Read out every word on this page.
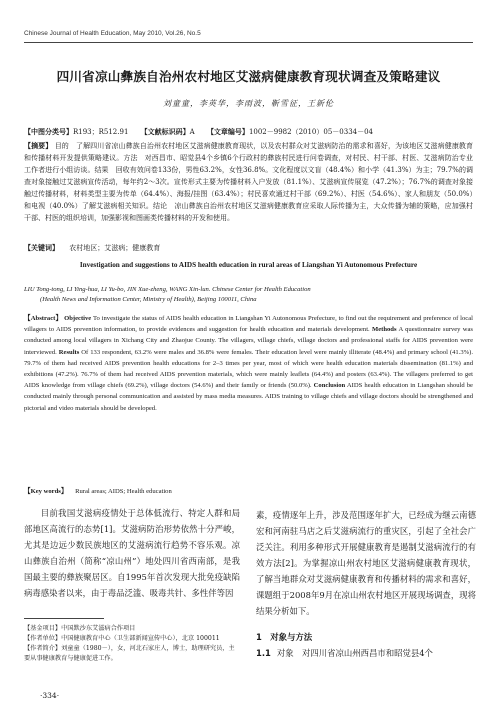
Chinese Journal of Health Education, May 2010, Vol.26, No.5
四川省凉山彝族自治州农村地区艾滋病健康教育现状调查及策略建议
刘童童，李英华，李雨波，靳雪征，王新伦
【中图分类号】R193；R512.91 【文献标识码】A 【文章编号】1002－9982（2010）05－0334－04
【摘要】 目的　了解四川省凉山彝族自治州农村地区艾滋病健康教育现状，以及农村群众对艾滋病防治的需求和喜好，为该地区艾滋病健康教育和传播材料开发提供策略建议。方法　对西昌市、昭觉县4个乡镇6个行政村的彝族村民进行问卷调查，对村民、村干部、村医、艾滋病防治专业工作者进行小组访谈。结果　回收有效问卷133份，男性63.2%，女性36.8%。文化程度以文盲（48.4%）和小学（41.3%）为主；79.7%的调查对象接触过艾滋病宣传活动，每年约2～3次。宣传形式主要为传播材料入户发放（81.1%）、艾滋病宣传展览（47.2%）；76.7%的调查对象接触过传播材料，材料类型主要为传单（64.4%）、海报/挂图（63.4%）；村民喜欢通过村干部（69.2%）、村医（54.6%）、家人和朋友（50.0%）和电视（40.0%）了解艾滋病相关知识。结论　凉山彝族自治州农村地区艾滋病健康教育应采取人际传播为主，大众传播为辅的策略，应加强村干部、村医的组织培训，加强影视和图画类传播材料的开发和使用。
【关键词】 农村地区；艾滋病；健康教育
Investigation and suggestions to AIDS health education in rural areas of Liangshan Yi Autonomous Prefecture
LIU Tong-tong, LI Ying-hua, LI Yu-bo, JIN Xue-zheng, WANG Xin-lun. Chinese Center for Health Education
(Health News and Information Center, Ministry of Health), Beijing 100011, China
【Abstract】 Objective To investigate the status of AIDS health education in Liangshan Yi Autonomous Prefecture, to find out the requirement and preference of local villagers to AIDS prevention information, to provide evidences and suggestion for health education and materials development. Methods A questionnaire survey was conducted among local villagers in Xichang City and Zhaojue County. The villagers, village chiefs, village doctors and professional staffs for AIDS prevention were interviewed. Results Of 133 respondent, 63.2% were males and 36.8% were females. Their education level were mainly illiterate (48.4%) and primary school (41.3%). 79.7% of them had received AIDS prevention health educations for 2–3 times per year, most of which were health education materials dissemination (81.1%) and exhibitions (47.2%). 76.7% of them had received AIDS prevention materials, which were mainly leaflets (64.4%) and posters (63.4%). The villagers preferred to get AIDS knowledge from village chiefs (69.2%), village doctors (54.6%) and their family or friends (50.0%). Conclusion AIDS health education in Liangshan should be conducted mainly through personal communication and assisted by mass media measures. AIDS training to village chiefs and village doctors should be strengthened and pictorial and video materials should be developed.
【Key words】 Rural areas; AIDS; Health education
目前我国艾滋病疫情处于总体低流行、特定人群和局部地区高流行的态势[1]。艾滋病防治形势依然十分严峻，尤其是边远少数民族地区的艾滋病流行趋势不容乐观。凉山彝族自治州（简称“凉山州”）地处四川省西南部，是我国最主要的彝族聚居区。自1995年首次发现大批免疫缺陷病毒感染者以来，由于毒品泛滥、吸毒共针、多性伴等因
素，疫情逐年上升，涉及范围逐年扩大，已经成为继云南德宏和河南驻马店之后艾滋病流行的重灾区，引起了全社会广泛关注。利用多种形式开展健康教育是遏制艾滋病流行的有效方法[2]。为掌握凉山州农村地区艾滋病健康教育现状，了解当地群众对艾滋病健康教育和传播材料的需求和喜好，课题组于2008年9月在凉山州农村地区开展现场调查，现将结果分析如下。
1　对象与方法
1.1 对象　对四川省凉山州西昌市和昭觉县4个
【基金项目】中国默沙东艾滋病合作项目
【作者单位】中国健康教育中心（卫生部新闻宣传中心），北京 100011
【作者简介】刘童童（1980－），女，河北石家庄人，博士，助理研究员，主要从事健康教育与健康促进工作。
·334·
